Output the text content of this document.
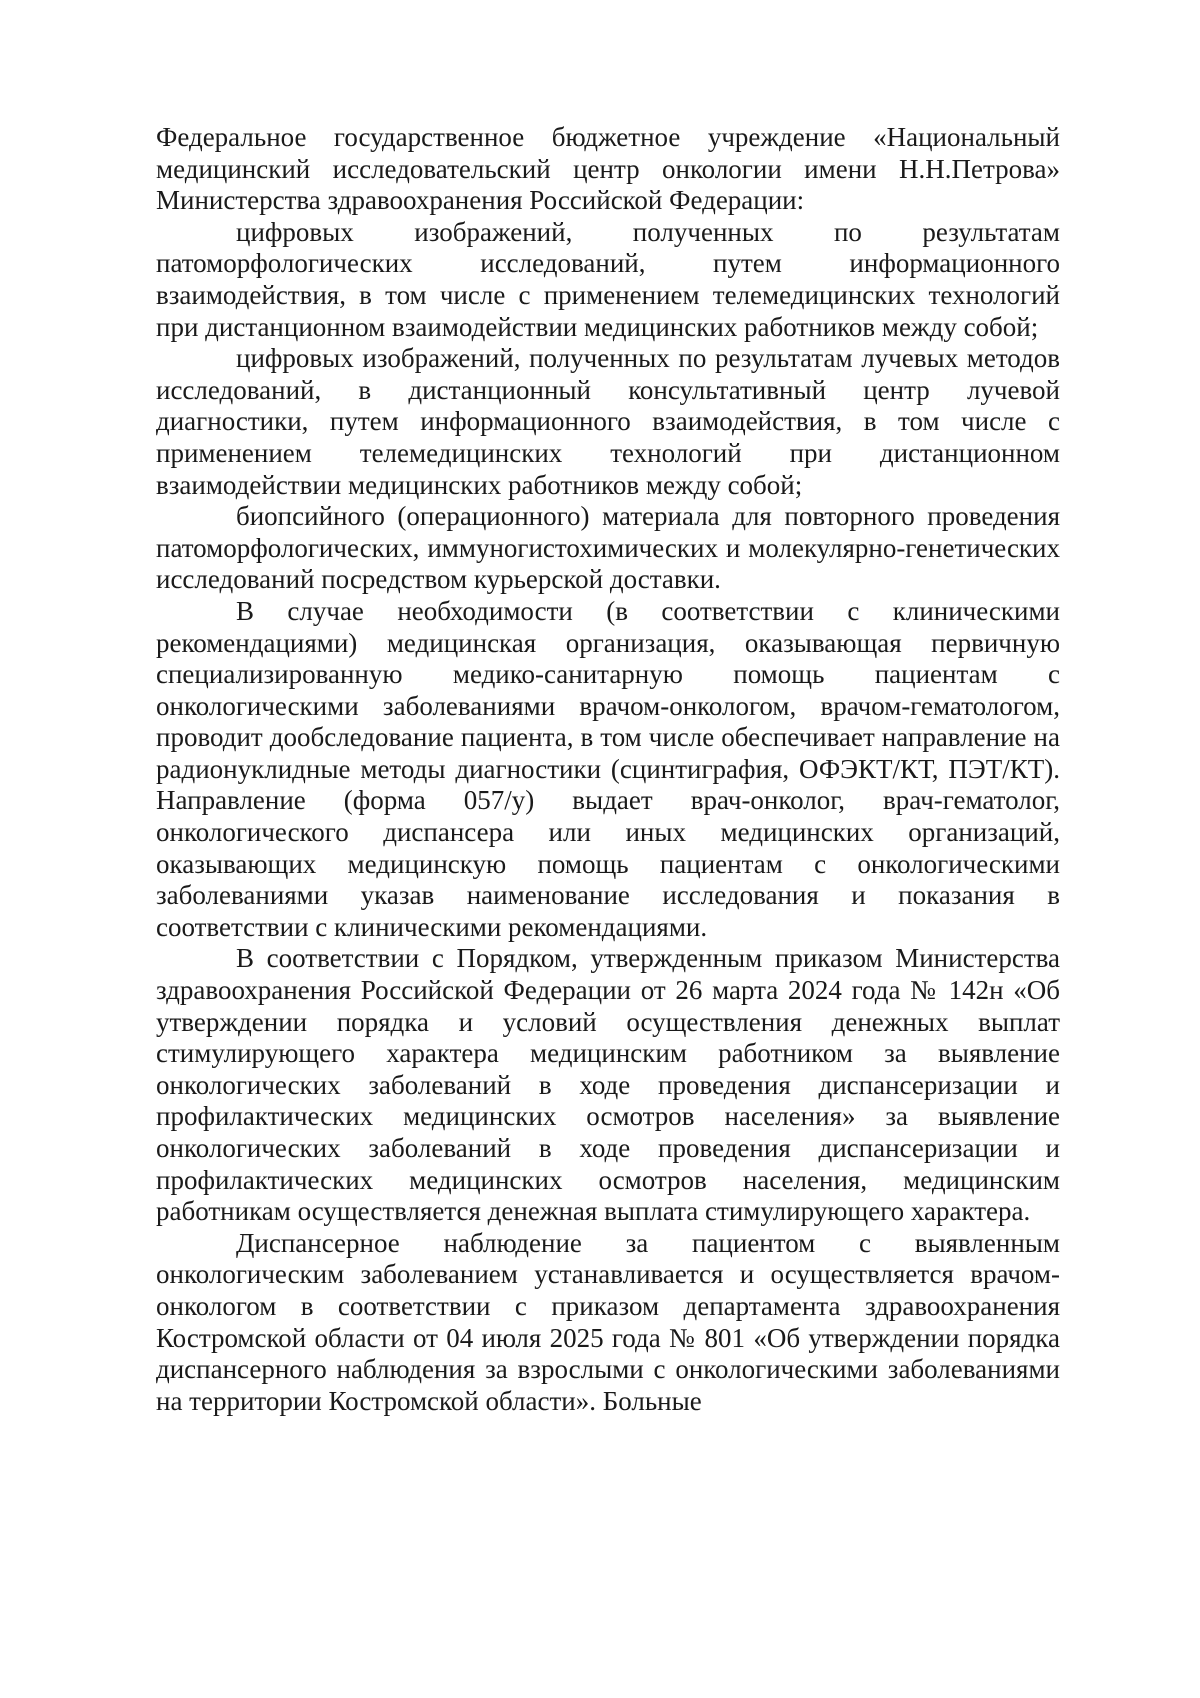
Федеральное государственное бюджетное учреждение «Национальный медицинский исследовательский центр онкологии имени Н.Н.Петрова» Министерства здравоохранения Российской Федерации:

цифровых изображений, полученных по результатам патоморфологических исследований, путем информационного взаимодействия, в том числе с применением телемедицинских технологий при дистанционном взаимодействии медицинских работников между собой;

цифровых изображений, полученных по результатам лучевых методов исследований, в дистанционный консультативный центр лучевой диагностики, путем информационного взаимодействия, в том числе с применением телемедицинских технологий при дистанционном взаимодействии медицинских работников между собой;

биопсийного (операционного) материала для повторного проведения патоморфологических, иммуногистохимических и молекулярно-генетических исследований посредством курьерской доставки.

В случае необходимости (в соответствии с клиническими рекомендациями) медицинская организация, оказывающая первичную специализированную медико-санитарную помощь пациентам с онкологическими заболеваниями врачом-онкологом, врачом-гематологом, проводит дообследование пациента, в том числе обеспечивает направление на радионуклидные методы диагностики (сцинтиграфия, ОФЭКТ/КТ, ПЭТ/КТ). Направление (форма 057/у) выдает врач-онколог, врач-гематолог, онкологического диспансера или иных медицинских организаций, оказывающих медицинскую помощь пациентам с онкологическими заболеваниями указав наименование исследования и показания в соответствии с клиническими рекомендациями.

В соответствии с Порядком, утвержденным приказом Министерства здравоохранения Российской Федерации от 26 марта 2024 года № 142н «Об утверждении порядка и условий осуществления денежных выплат стимулирующего характера медицинским работником за выявление онкологических заболеваний в ходе проведения диспансеризации и профилактических медицинских осмотров населения» за выявление онкологических заболеваний в ходе проведения диспансеризации и профилактических медицинских осмотров населения, медицинским работникам осуществляется денежная выплата стимулирующего характера.

Диспансерное наблюдение за пациентом с выявленным онкологическим заболеванием устанавливается и осуществляется врачом-онкологом в соответствии с приказом департамента здравоохранения Костромской области от 04 июля 2025 года № 801 «Об утверждении порядка диспансерного наблюдения за взрослыми с онкологическими заболеваниями на территории Костромской области». Больные
